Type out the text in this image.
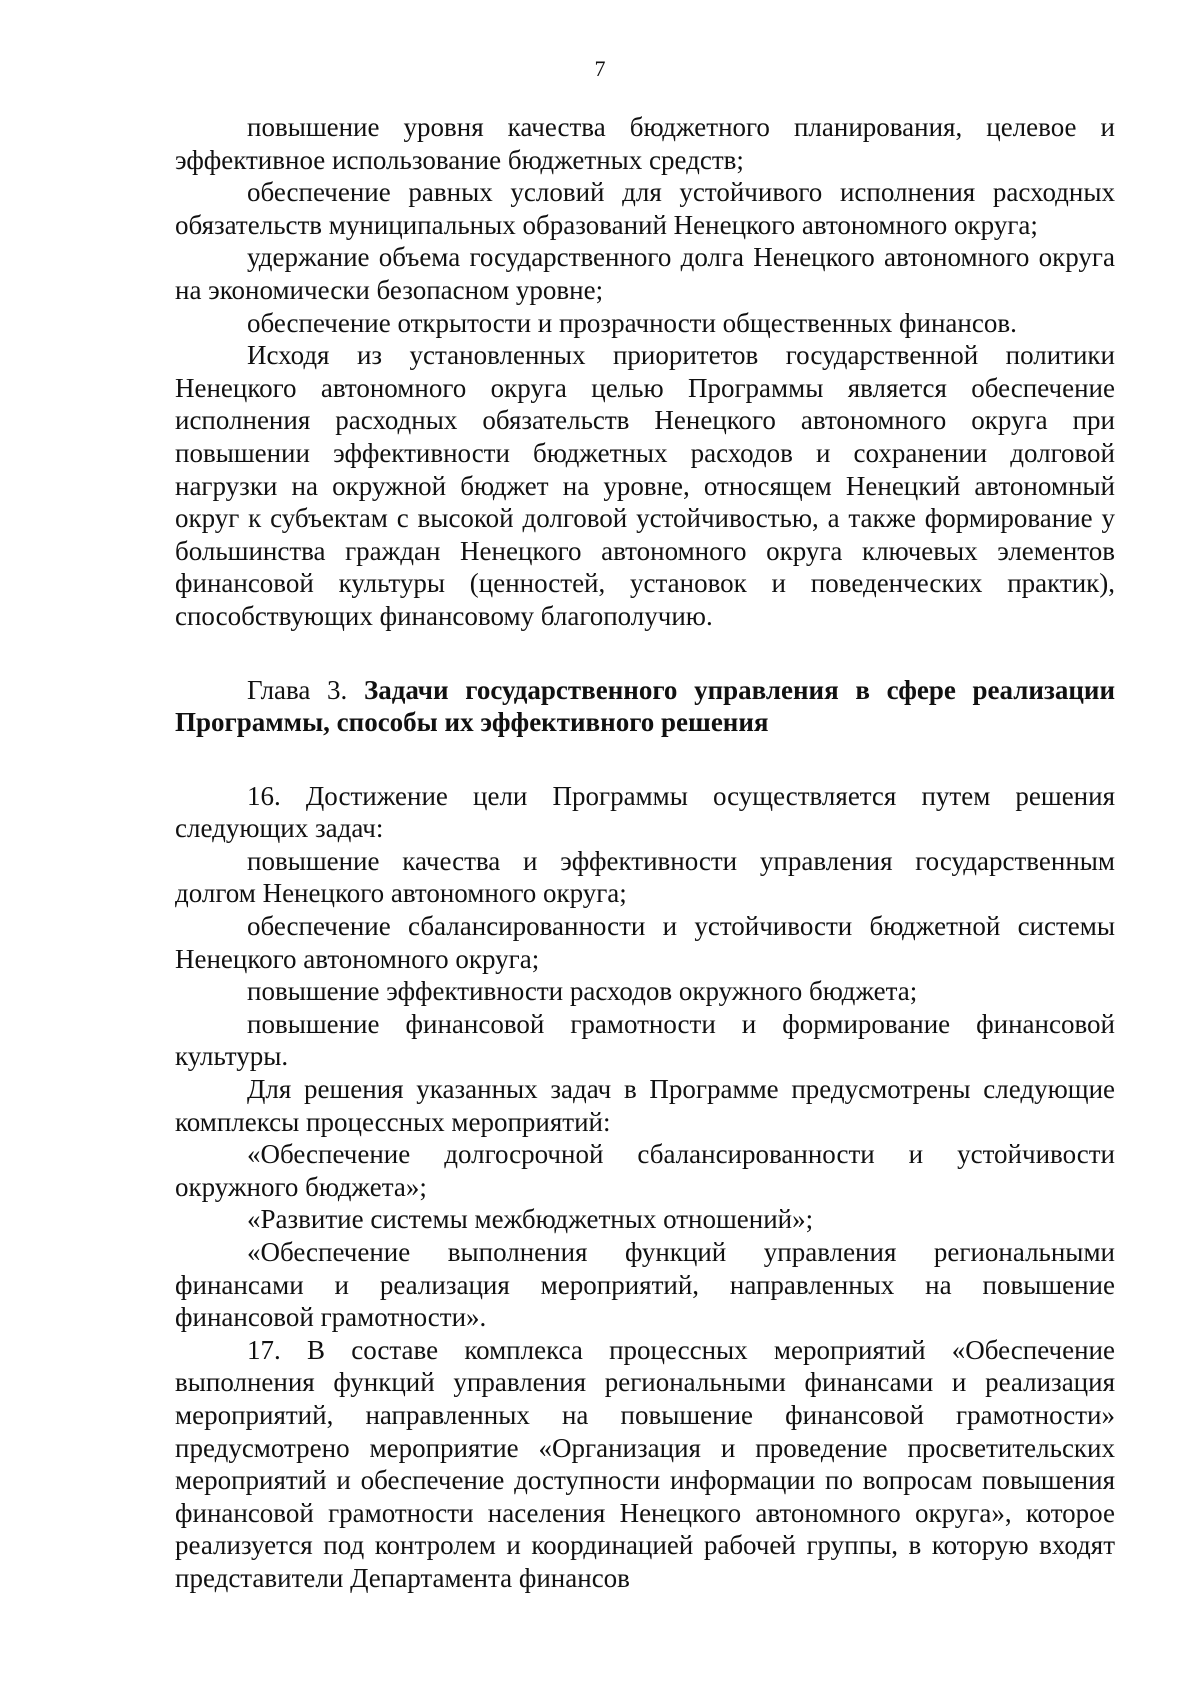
7

повышение уровня качества бюджетного планирования, целевое и эффективное использование бюджетных средств;

обеспечение равных условий для устойчивого исполнения расходных обязательств муниципальных образований Ненецкого автономного округа;

удержание объема государственного долга Ненецкого автономного округа на экономически безопасном уровне;

обеспечение открытости и прозрачности общественных финансов.

Исходя из установленных приоритетов государственной политики Ненецкого автономного округа целью Программы является обеспечение исполнения расходных обязательств Ненецкого автономного округа при повышении эффективности бюджетных расходов и сохранении долговой нагрузки на окружной бюджет на уровне, относящем Ненецкий автономный округ к субъектам с высокой долговой устойчивостью, а также формирование у большинства граждан Ненецкого автономного округа ключевых элементов финансовой культуры (ценностей, установок и поведенческих практик), способствующих финансовому благополучию.

Глава 3. Задачи государственного управления в сфере реализации Программы, способы их эффективного решения

16. Достижение цели Программы осуществляется путем решения следующих задач:

повышение качества и эффективности управления государственным долгом Ненецкого автономного округа;

обеспечение сбалансированности и устойчивости бюджетной системы Ненецкого автономного округа;

повышение эффективности расходов окружного бюджета;

повышение финансовой грамотности и формирование финансовой культуры.

Для решения указанных задач в Программе предусмотрены следующие комплексы процессных мероприятий:

«Обеспечение долгосрочной сбалансированности и устойчивости окружного бюджета»;

«Развитие системы межбюджетных отношений»;

«Обеспечение выполнения функций управления региональными финансами и реализация мероприятий, направленных на повышение финансовой грамотности».

17. В составе комплекса процессных мероприятий «Обеспечение выполнения функций управления региональными финансами и реализация мероприятий, направленных на повышение финансовой грамотности» предусмотрено мероприятие «Организация и проведение просветительских мероприятий и обеспечение доступности информации по вопросам повышения финансовой грамотности населения Ненецкого автономного округа», которое реализуется под контролем и координацией рабочей группы, в которую входят представители Департамента финансов
